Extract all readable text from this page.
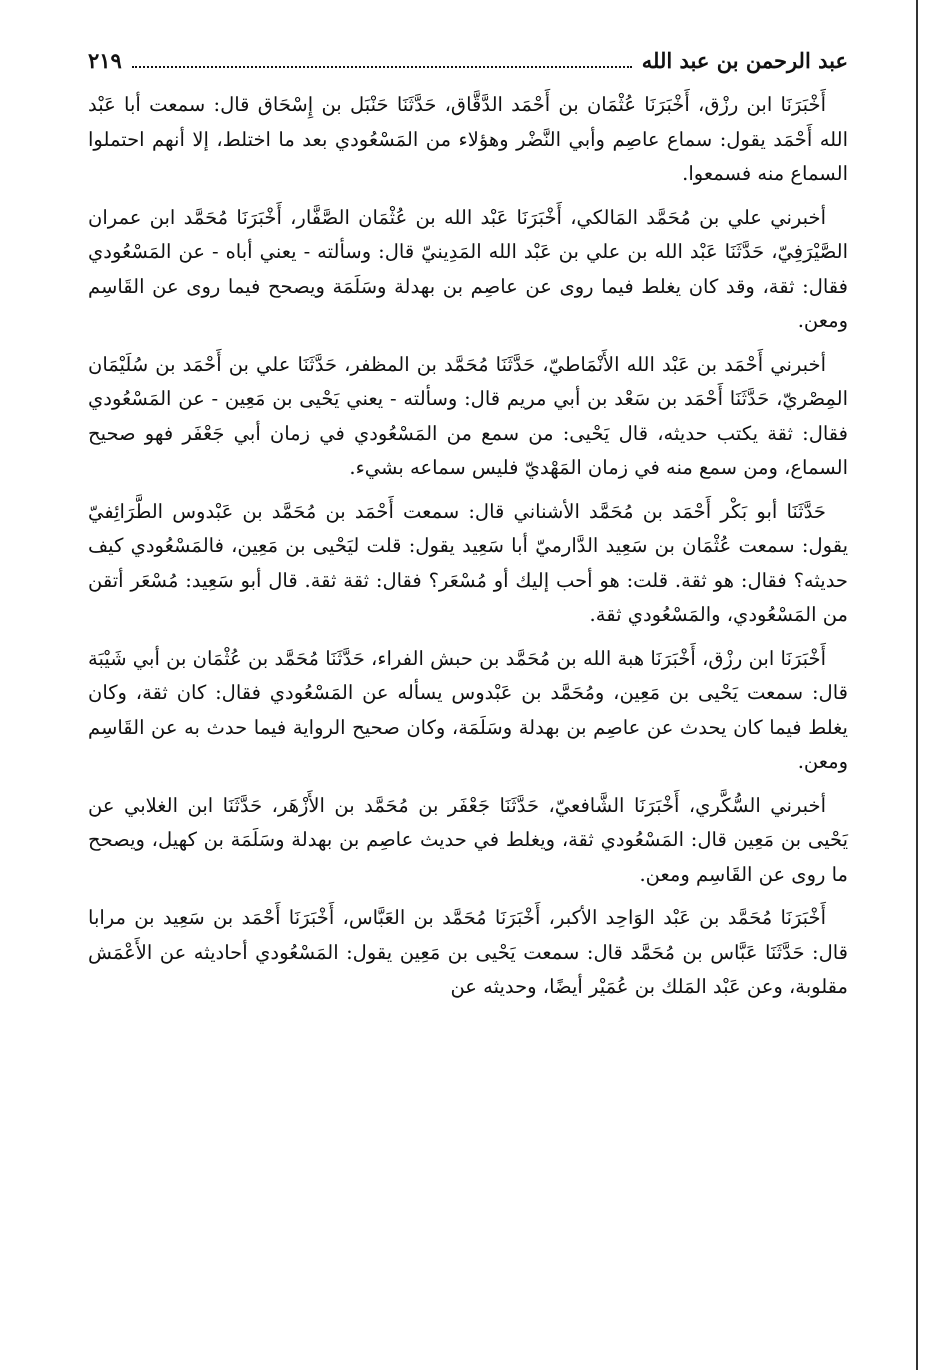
عبد الرحمن بن عبد الله
٢١٩

أَخْبَرَنَا ابن رزْق، أَخْبَرَنَا عُثْمَان بن أَحْمَد الدَّقَّاق، حَدَّثَنَا حَنْبَل بن إِسْحَاق قال: سمعت أبا عَبْد الله أَحْمَد يقول: سماع عاصِم وأبي النَّضْر وهؤلاء من المَسْعُودي بعد ما اختلط، إلا أنهم احتملوا السماع منه فسمعوا.

أخبرني علي بن مُحَمَّد المَالكي، أَخْبَرَنَا عَبْد الله بن عُثْمَان الصَّفَّار، أَخْبَرَنَا مُحَمَّد ابن عمران الصَّيْرَفِيّ، حَدَّثَنَا عَبْد الله بن علي بن عَبْد الله المَدِينيّ قال: وسألته - يعني أباه - عن المَسْعُودي فقال: ثقة، وقد كان يغلط فيما روى عن عاصِم بن بهدلة وسَلَمَة ويصحح فيما روى عن القَاسِم ومعن.

أخبرني أَحْمَد بن عَبْد الله الأَنْمَاطيّ، حَدَّثَنَا مُحَمَّد بن المظفر، حَدَّثَنَا علي بن أَحْمَد بن سُلَيْمَان المِصْريّ، حَدَّثَنَا أَحْمَد بن سَعْد بن أبي مريم قال: وسألته - يعني يَحْيى بن مَعِين - عن المَسْعُودي فقال: ثقة يكتب حديثه، قال يَحْيى: من سمع من المَسْعُودي في زمان أبي جَعْفَر فهو صحيح السماع، ومن سمع منه في زمان المَهْديّ فليس سماعه بشيء.

حَدَّثَنَا أبو بَكْر أَحْمَد بن مُحَمَّد الأشناني قال: سمعت أَحْمَد بن مُحَمَّد بن عَبْدوس الطَّرَائِفيّ يقول: سمعت عُثْمَان بن سَعِيد الدَّارميّ أبا سَعِيد يقول: قلت ليَحْيى بن مَعِين، فالمَسْعُودي كيف حديثه؟ فقال: هو ثقة. قلت: هو أحب إليك أو مُسْعَر؟ فقال: ثقة ثقة. قال أبو سَعِيد: مُسْعَر أتقن من المَسْعُودي، والمَسْعُودي ثقة.

أَخْبَرَنَا ابن رزْق، أَخْبَرَنَا هبة الله بن مُحَمَّد بن حبش الفراء، حَدَّثَنَا مُحَمَّد بن عُثْمَان بن أبي شَيْبَة قال: سمعت يَحْيى بن مَعِين، ومُحَمَّد بن عَبْدوس يسأله عن المَسْعُودي فقال: كان ثقة، وكان يغلط فيما كان يحدث عن عاصِم بن بهدلة وسَلَمَة، وكان صحيح الرواية فيما حدث به عن القَاسِم ومعن.

أخبرني السُّكَّري، أَخْبَرَنَا الشَّافعيّ، حَدَّثَنَا جَعْفَر بن مُحَمَّد بن الأَزْهَر، حَدَّثَنَا ابن الغلابي عن يَحْيى بن مَعِين قال: المَسْعُودي ثقة، ويغلط في حديث عاصِم بن بهدلة وسَلَمَة بن كهيل، ويصحح ما روى عن القَاسِم ومعن.

أَخْبَرَنَا مُحَمَّد بن عَبْد الوَاحِد الأكبر، أَخْبَرَنَا مُحَمَّد بن العَبَّاس، أَخْبَرَنَا أَحْمَد بن سَعِيد بن مرابا قال: حَدَّثَنَا عَبَّاس بن مُحَمَّد قال: سمعت يَحْيى بن مَعِين يقول: المَسْعُودي أحاديثه عن الأَعْمَش مقلوبة، وعن عَبْد المَلك بن عُمَيْر أيضًا، وحديثه عن
